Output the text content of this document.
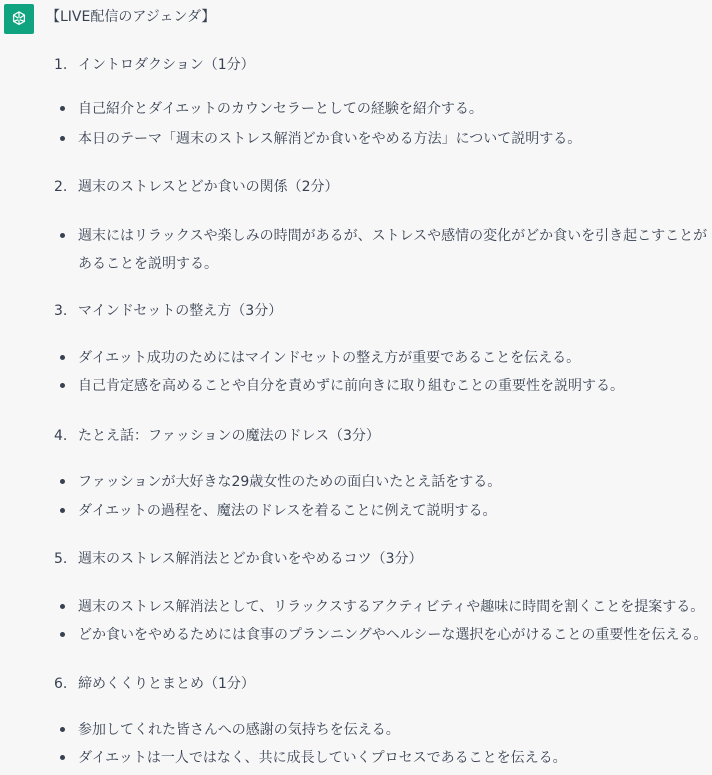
【LIVE配信のアジェンダ】
1. イントロダクション（1分）
自己紹介とダイエットのカウンセラーとしての経験を紹介する。
本日のテーマ「週末のストレス解消どか食いをやめる方法」について説明する。
2. 週末のストレスとどか食いの関係（2分）
週末にはリラックスや楽しみの時間があるが、ストレスや感情の変化がどか食いを引き起こすことがあることを説明する。
3. マインドセットの整え方（3分）
ダイエット成功のためにはマインドセットの整え方が重要であることを伝える。
自己肯定感を高めることや自分を責めずに前向きに取り組むことの重要性を説明する。
4. たとえ話：ファッションの魔法のドレス（3分）
ファッションが大好きな29歳女性のための面白いたとえ話をする。
ダイエットの過程を、魔法のドレスを着ることに例えて説明する。
5. 週末のストレス解消法とどか食いをやめるコツ（3分）
週末のストレス解消法として、リラックスするアクティビティや趣味に時間を割くことを提案する。
どか食いをやめるためには食事のプランニングやヘルシーな選択を心がけることの重要性を伝える。
6. 締めくくりとまとめ（1分）
参加してくれた皆さんへの感謝の気持ちを伝える。
ダイエットは一人ではなく、共に成長していくプロセスであることを伝える。
